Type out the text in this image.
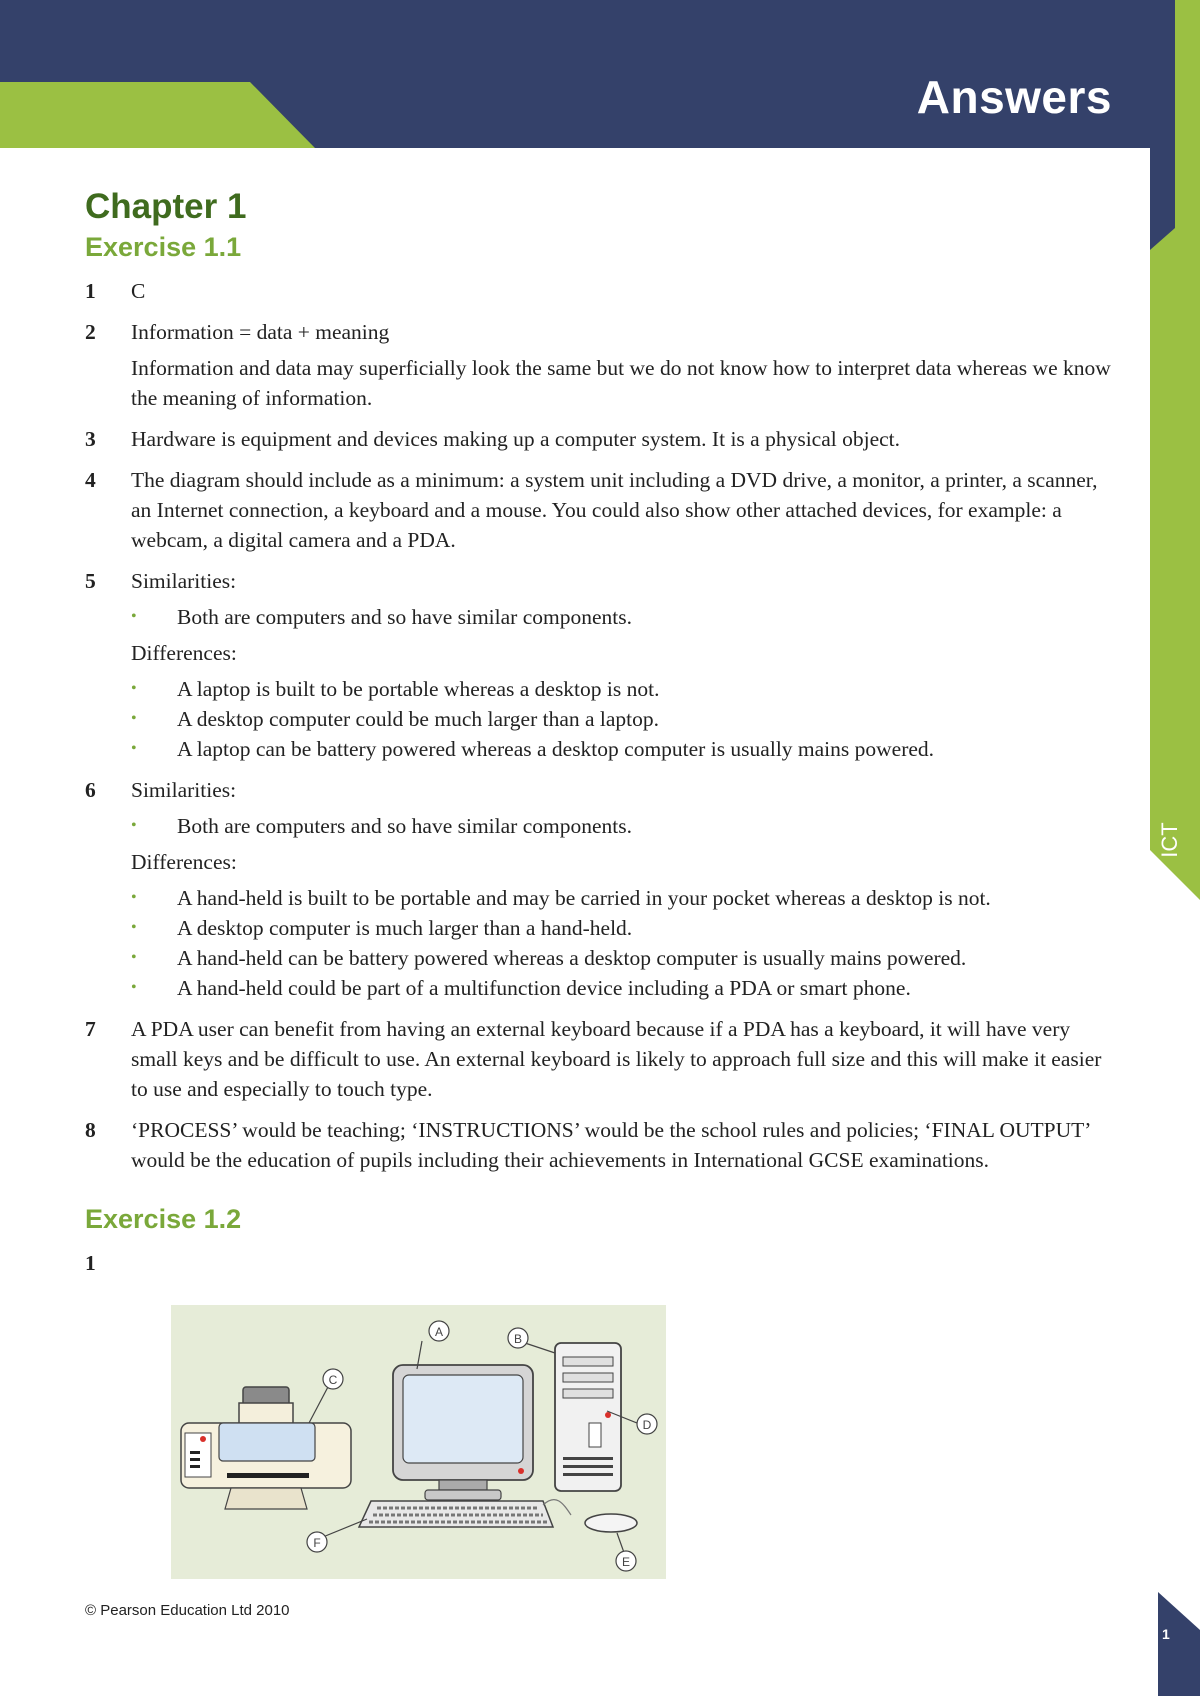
Answers
ICT
Chapter 1
Exercise 1.1
1	C
2	Information = data + meaning

Information and data may superficially look the same but we do not know how to interpret data whereas we know the meaning of information.

3	Hardware is equipment and devices making up a computer system. It is a physical object.
4	The diagram should include as a minimum: a system unit including a DVD drive, a monitor, a printer, a scanner, an Internet connection, a keyboard and a mouse. You could also show other attached devices, for example: a webcam, a digital camera and a PDA.
5	Similarities:
•	Both are computers and so have similar components.
Differences:
•	A laptop is built to be portable whereas a desktop is not.
•	A desktop computer could be much larger than a laptop.
•	A laptop can be battery powered whereas a desktop computer is usually mains powered.
6	Similarities:
•	Both are computers and so have similar components.
Differences:
•	A hand-held is built to be portable and may be carried in your pocket whereas a desktop is not.
•	A desktop computer is much larger than a hand-held.
•	A hand-held can be battery powered whereas a desktop computer is usually mains powered.
•	A hand-held could be part of a multifunction device including a PDA or smart phone.
7	A PDA user can benefit from having an external keyboard because if a PDA has a keyboard, it will have very small keys and be difficult to use. An external keyboard is likely to approach full size and this will make it easier to use and especially to touch type.
8	‘PROCESS’ would be teaching; ‘INSTRUCTIONS’ would be the school rules and policies; ‘FINAL OUTPUT’ would be the education of pupils including their achievements in International GCSE examinations.
Exercise 1.2
1
A	B
C
D
E
F
© Pearson Education Ltd 2010
1
